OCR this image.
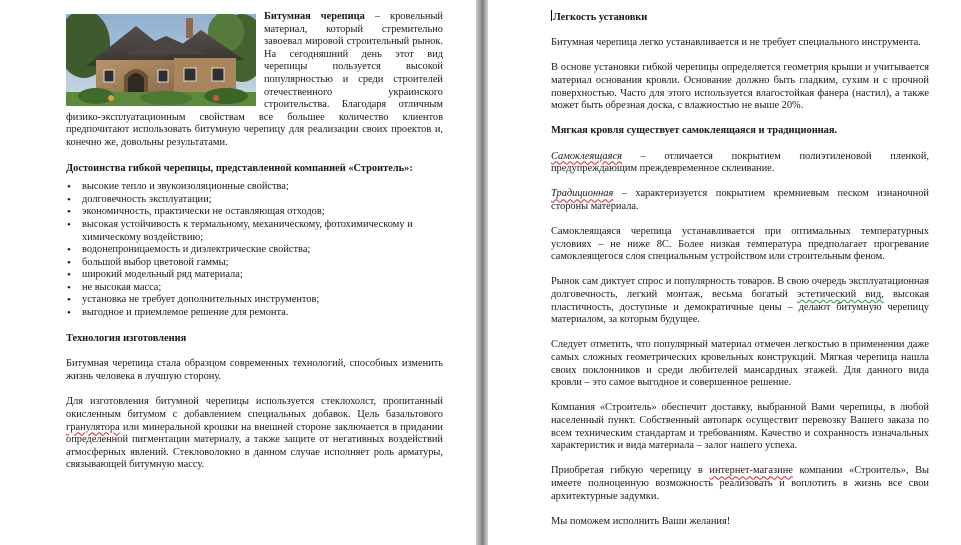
Битумная черепица – кровельный материал, который стремительно завоевал мировой строительный рынок. На сегодняшний день этот вид черепицы пользуется высокой популярностью и среди строителей отечественного украинского строительства. Благодаря отличным физико-эксплуатационным свойствам все большее количество клиентов предпочитают использовать битумную черепицу для реализации своих проектов и, конечно же, довольны результатами.

Достоинства гибкой черепицы, представленной компанией «Строитель»:

• высокие тепло и звукоизоляционные свойства;
• долговечность эксплуатации;
• экономичность, практически не оставляющая отходов;
• высокая устойчивость к термальному, механическому, фотохимическому и химическому воздействию;
• водонепроницаемость и диэлектрические свойства;
• большой выбор цветовой гаммы;
• широкий модельный ряд материала;
• не высокая масса;
• установка не требует дополнительных инструментов;
• выгодное и приемлемое решение для ремонта.

Технология изготовления

Битумная черепица стала образцом современных технологий, способных изменить жизнь человека в лучшую сторону.

Для изготовления битумной черепицы используется стеклохолст, пропитанный окисленным битумом с добавлением специальных добавок. Цель базальтового гранулятора или минеральной крошки на внешней стороне заключается в придании определенной пигментации материалу, а также защите от негативных воздействий атмосферных явлений. Стекловолокно в данном случае исполняет роль арматуры, связывающей битумную массу.

Легкость установки

Битумная черепица легко устанавливается и не требует специального инструмента.

В основе установки гибкой черепицы определяется геометрия крыши и учитывается материал основания кровли. Основание должно быть гладким, сухим и с прочной поверхностью. Часто для этого используется влагостойкая фанера (настил), а также может быть обрезная доска, с влажностью не выше 20%.

Мягкая кровля существует самоклеящаяся и традиционная.

Самоклеящаяся – отличается покрытием полиэтиленовой пленкой, предупреждающим преждевременное склеивание.

Традиционная – характеризуется покрытием кремниевым песком изнаночной стороны материала.

Самоклеящаяся черепица устанавливается при оптимальных температурных условиях – не ниже 8С. Более низкая температура предполагает прогревание самоклеящегося слоя специальным устройством или строительным феном.

Рынок сам диктует спрос и популярность товаров. В свою очередь эксплуатационная долговечность, легкий монтаж, весьма богатый эстетический вид, высокая пластичность, доступные и демократичные цены – делают битумную черепицу материалом, за которым будущее.

Следует отметить, что популярный материал отмечен легкостью в применении даже самых сложных геометрических кровельных конструкций. Мягкая черепица нашла своих поклонников и среди любителей мансардных этажей. Для данного вида кровли – это самое выгодное и совершенное решение.

Компания «Строитель» обеспечит доставку, выбранной Вами черепицы, в любой населенный пункт. Собственный автопарк осуществит перевозку Вашего заказа по всем техническим стандартам и требованиям. Качество и сохранность изначальных характеристик и вида материала – залог нашего успеха.

Приобретая гибкую черепицу в интернет-магазине компании «Строитель», Вы имеете полноценную возможность реализовать и воплотить в жизнь все свои архитектурные задумки.

Мы поможем исполнить Ваши желания!
